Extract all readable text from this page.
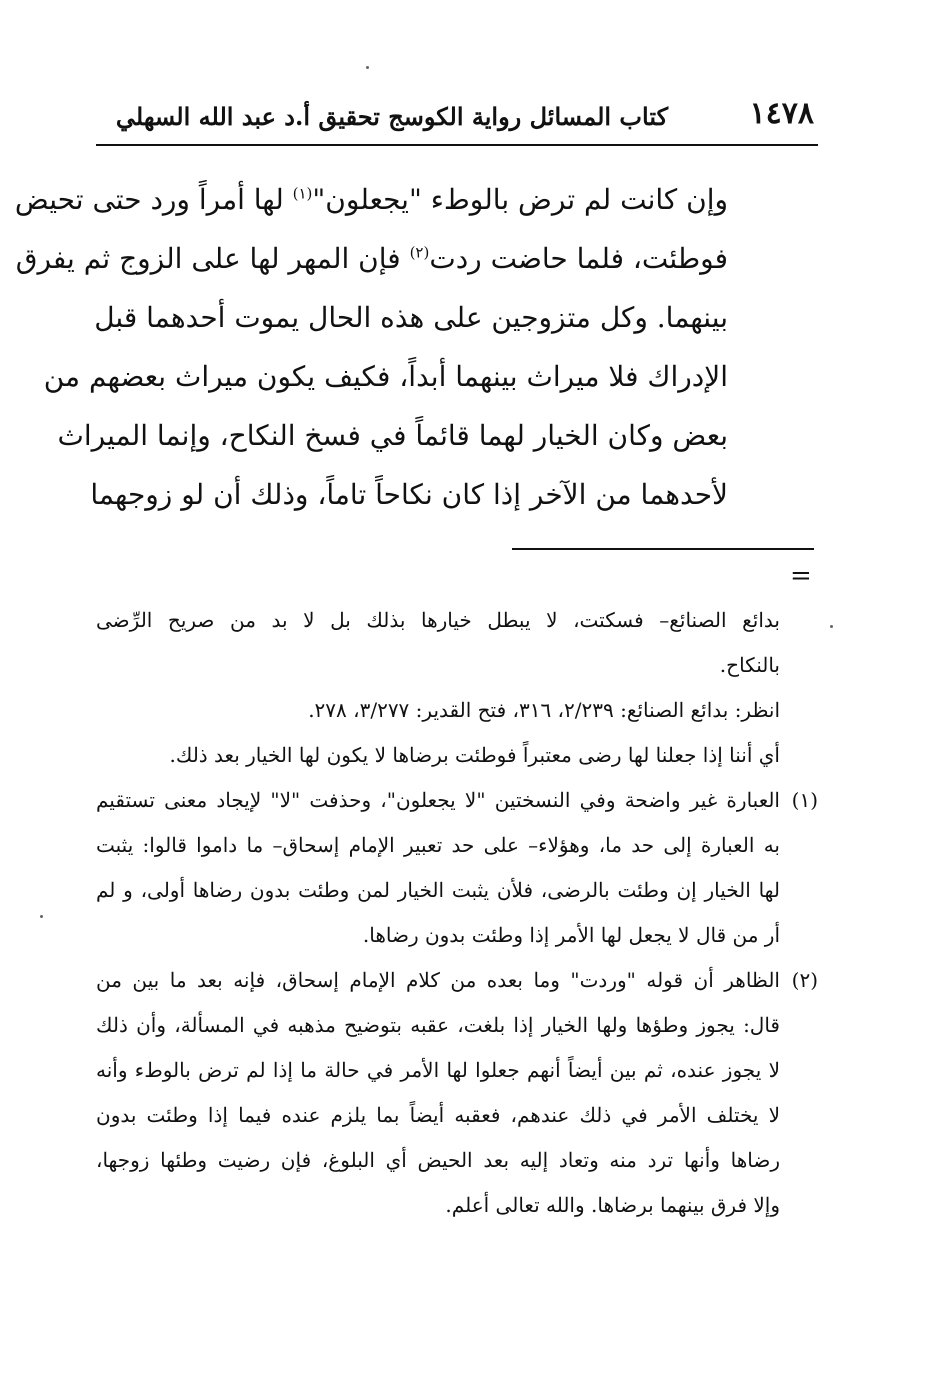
١٤٧٨
كتاب المسائل رواية الكوسج تحقيق أ.د عبد الله السهلي
وإن كانت لم ترض بالوطء "يجعلون"$^{(١)}$ لها أمراً ورد حتى تحيض
فوطئت، فلما حاضت ردت$^{(٢)}$ فإن المهر لها على الزوج ثم يفرق
بينهما. وكل متزوجين على هذه الحال يموت أحدهما قبل
الإدراك فلا ميراث بينهما أبداً، فكيف يكون ميراث بعضهم من
بعض وكان الخيار لهما قائماً في فسخ النكاح، وإنما الميراث
لأحدهما من الآخر إذا كان نكاحاً تاماً، وذلك أن لو زوجهما
=
بدائع الصنائع– فسكتت، لا يبطل خيارها بذلك بل لا بد من صريح الرِّضى
بالنكاح.
انظر: بدائع الصنائع: ٢/٢٣٩، ٣١٦، فتح القدير: ٣/٢٧٧، ٢٧٨.
أي أننا إذا جعلنا لها رضى معتبراً فوطئت برضاها لا يكون لها الخيار بعد ذلك.
(١)
العبارة غير واضحة وفي النسختين "لا يجعلون"، وحذفت "لا" لإيجاد معنى تستقيم
به العبارة إلى حد ما، وهؤلاء– على حد تعبير الإمام إسحاق– ما داموا قالوا: يثبت
لها الخيار إن وطئت بالرضى، فلأن يثبت الخيار لمن وطئت بدون رضاها أولى، و لم
أر من قال لا يجعل لها الأمر إذا وطئت بدون رضاها.
(٢)
الظاهر أن قوله "وردت" وما بعده من كلام الإمام إسحاق، فإنه بعد ما بين من
قال: يجوز وطؤها ولها الخيار إذا بلغت، عقبه بتوضيح مذهبه في المسألة، وأن ذلك
لا يجوز عنده، ثم بين أيضاً أنهم جعلوا لها الأمر في حالة ما إذا لم ترض بالوطء وأنه
لا يختلف الأمر في ذلك عندهم، فعقبه أيضاً بما يلزم عنده فيما إذا وطئت بدون
رضاها وأنها ترد منه وتعاد إليه بعد الحيض أي البلوغ، فإن رضيت وطئها زوجها،
وإلا فرق بينهما برضاها. والله تعالى أعلم.
